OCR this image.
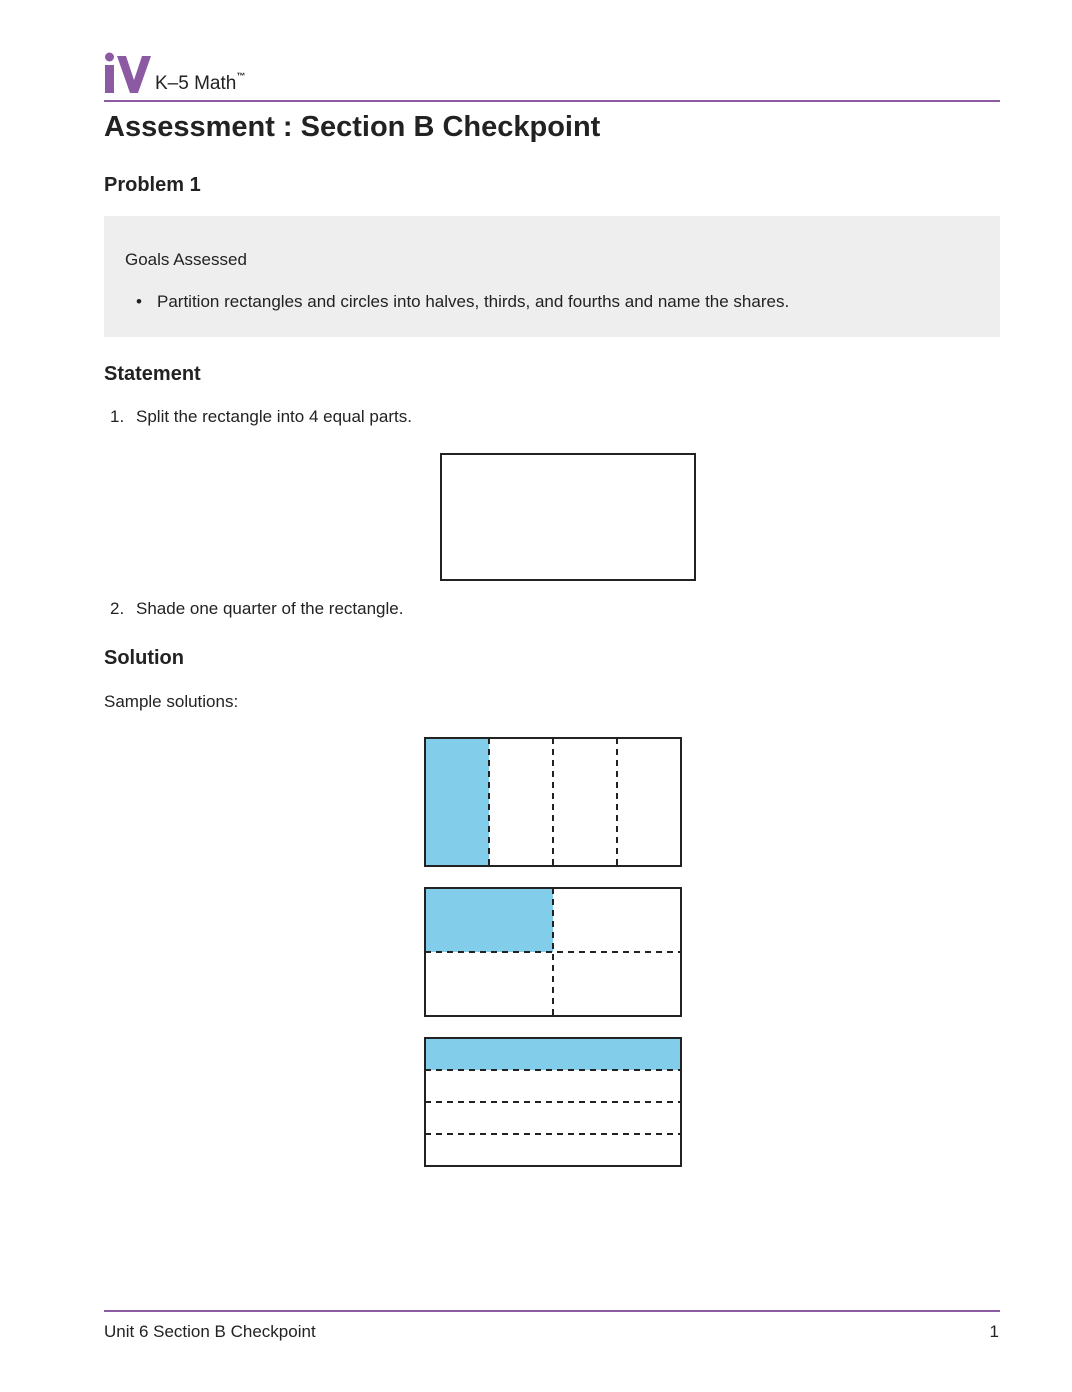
K–5 Math™
Assessment : Section B Checkpoint
Problem 1
Goals Assessed
• Partition rectangles and circles into halves, thirds, and fourths and name the shares.
Statement
1. Split the rectangle into 4 equal parts.
2. Shade one quarter of the rectangle.
Solution
Sample solutions:
Unit 6 Section B Checkpoint	1
